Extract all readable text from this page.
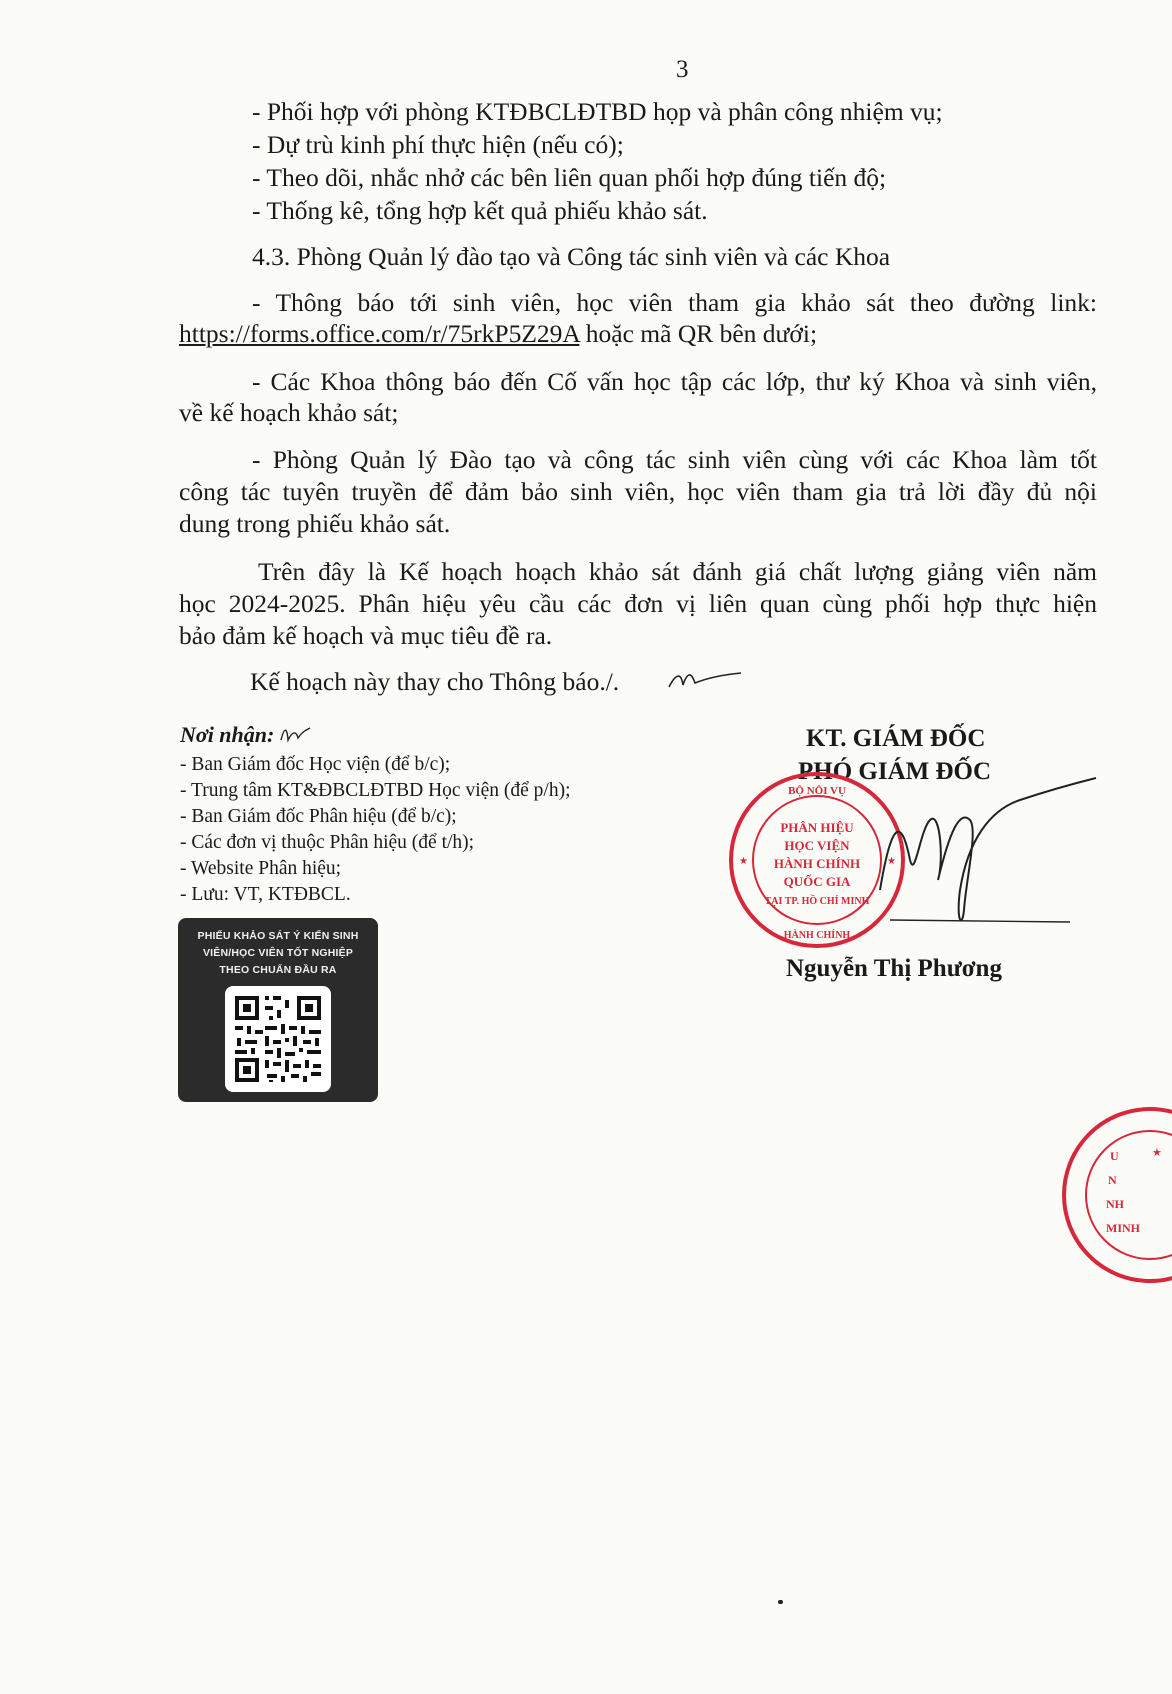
3
- Phối hợp với phòng KTĐBCLĐTBD họp và phân công nhiệm vụ;
- Dự trù kinh phí thực hiện (nếu có);
- Theo dõi, nhắc nhở các bên liên quan phối hợp đúng tiến độ;
- Thống kê, tổng hợp kết quả phiếu khảo sát.
4.3. Phòng Quản lý đào tạo và Công tác sinh viên và các Khoa
- Thông báo tới sinh viên, học viên tham gia khảo sát theo đường link:
https://forms.office.com/r/75rkP5Z29A hoặc mã QR bên dưới;
- Các Khoa thông báo đến Cố vấn học tập các lớp, thư ký Khoa và sinh viên,
về kế hoạch khảo sát;
- Phòng Quản lý Đào tạo và công tác sinh viên cùng với các Khoa làm tốt
công tác tuyên truyền để đảm bảo sinh viên, học viên tham gia trả lời đầy đủ nội
dung trong phiếu khảo sát.
Trên đây là Kế hoạch hoạch khảo sát đánh giá chất lượng giảng viên năm
học 2024-2025. Phân hiệu yêu cầu các đơn vị liên quan cùng phối hợp thực hiện
bảo đảm kế hoạch và mục tiêu đề ra.
Kế hoạch này thay cho Thông báo./.
Nơi nhận:
- Ban Giám đốc Học viện (để b/c);
- Trung tâm KT&ĐBCLĐTBD Học viện (để p/h);
- Ban Giám đốc Phân hiệu (để b/c);
- Các đơn vị thuộc Phân hiệu (để t/h);
- Website Phân hiệu;
- Lưu: VT, KTĐBCL.
PHIẾU KHẢO SÁT Ý KIẾN SINH
VIÊN/HỌC VIÊN TỐT NGHIỆP
THEO CHUẨN ĐẦU RA
KT. GIÁM ĐỐC
PHÓ GIÁM ĐỐC
BỘ NỘI VỤ
HÀNH CHÍNH
★	★
PHÂN HIỆU
HỌC VIỆN
HÀNH CHÍNH
QUỐC GIA
TẠI TP. HỒ CHÍ MINH
Nguyễn Thị Phương
U
N
NH
MINH
★
